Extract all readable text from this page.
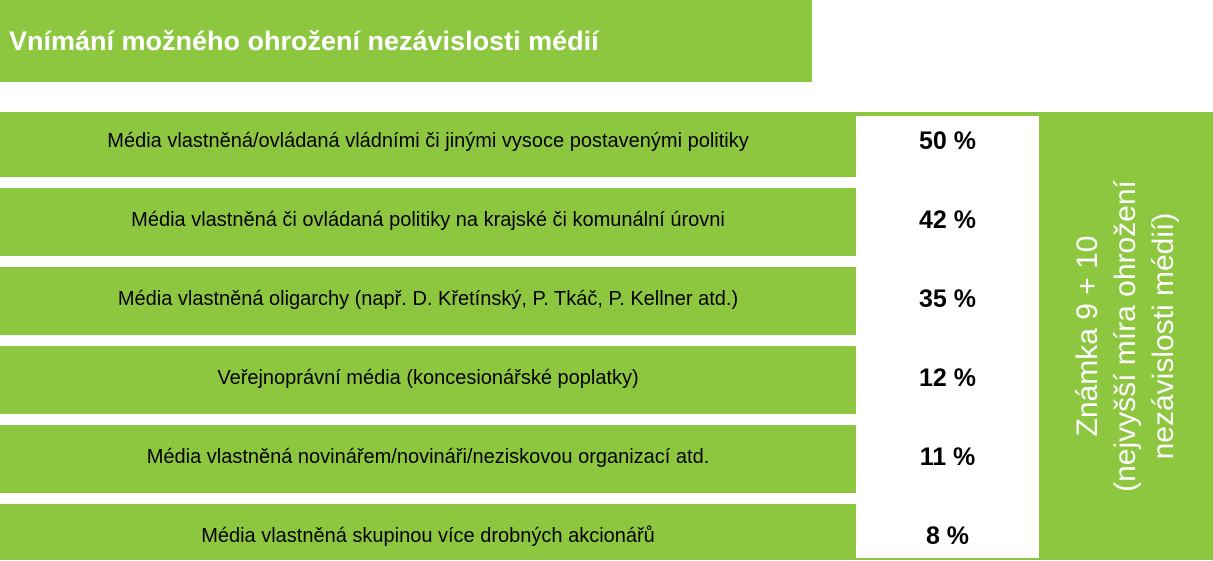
Vnímání možného ohrožení nezávislosti médií
Média vlastněná/ovládaná vládními či jinými vysoce postavenými politiky	50 %
Média vlastněná či ovládaná politiky na krajské či komunální úrovni	42 %
Média vlastněná oligarchy (např. D. Křetínský, P. Tkáč, P. Kellner atd.)	35 %
Veřejnoprávní média (koncesionářské poplatky)	12 %
Média vlastněná novinářem/novináři/neziskovou organizací atd.	11 %
Média vlastněná skupinou více drobných akcionářů	8 %
Známka 9 + 10 (nejvyšší míra ohrožení nezávislosti médií)
